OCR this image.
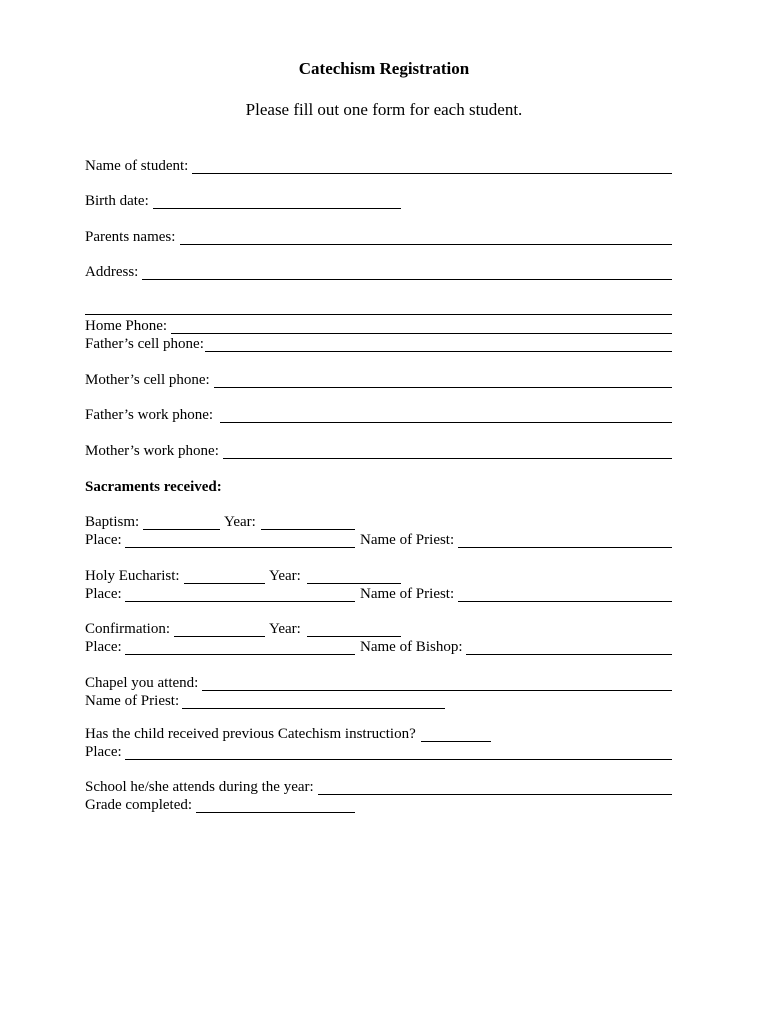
Catechism Registration
Please fill out one form for each student.
Name of student:
Birth date:
Parents names:
Address:
Home Phone:
Father’s cell phone:
Mother’s cell phone:
Father’s work phone:
Mother’s work phone:
Sacraments received:
Baptism:	Year:
Place:	Name of Priest:
Holy Eucharist:	Year:
Place:	Name of Priest:
Confirmation:	Year:
Place:	Name of Bishop:
Chapel you attend:
Name of Priest:
Has the child received previous Catechism instruction?
Place:
School he/she attends during the year:
Grade completed:
